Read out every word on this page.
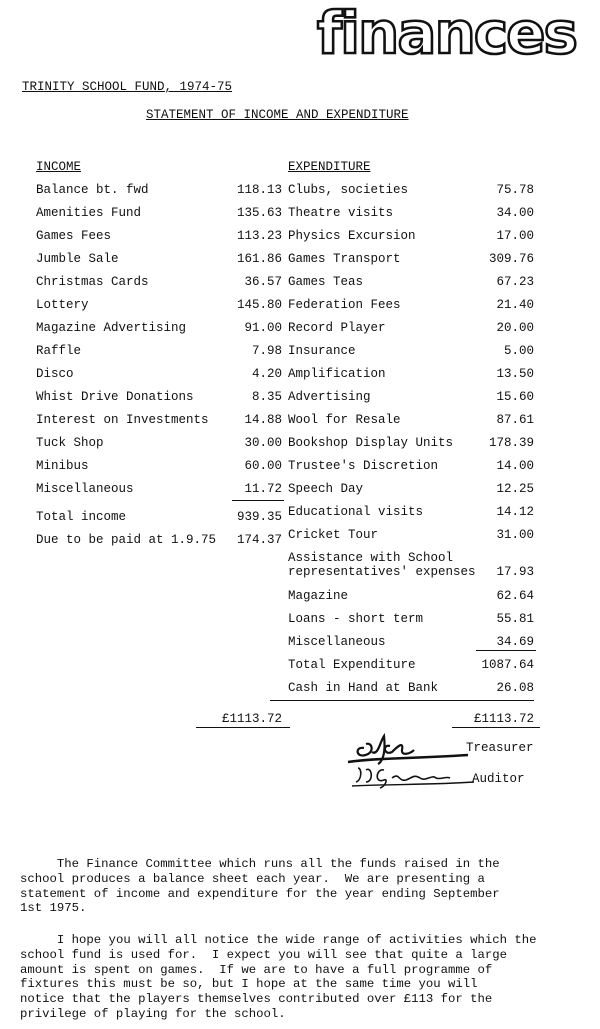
finances
TRINITY SCHOOL FUND, 1974-75
STATEMENT OF INCOME AND EXPENDITURE
INCOME
Balance bt. fwd	118.13
Amenities Fund	135.63
Games Fees	113.23
Jumble Sale	161.86
Christmas Cards	36.57
Lottery	145.80
Magazine Advertising	91.00
Raffle	7.98
Disco	4.20
Whist Drive Donations	8.35
Interest on Investments	14.88
Tuck Shop	30.00
Minibus	60.00
Miscellaneous	11.72
Total income	939.35
Due to be paid at 1.9.75	174.37
£1113.72
EXPENDITURE
Clubs, societies	75.78
Theatre visits	34.00
Physics Excursion	17.00
Games Transport	309.76
Games Teas	67.23
Federation Fees	21.40
Record Player	20.00
Insurance	5.00
Amplification	13.50
Advertising	15.60
Wool for Resale	87.61
Bookshop Display Units	178.39
Trustee's Discretion	14.00
Speech Day	12.25
Educational visits	14.12
Cricket Tour	31.00
Assistance with School
representatives' expenses	17.93
Magazine	62.64
Loans - short term	55.81
Miscellaneous	34.69
Total Expenditure	1087.64
Cash in Hand at Bank	26.08
£1113.72
Treasurer
Auditor

The Finance Committee which runs all the funds raised in the
school produces a balance sheet each year.  We are presenting a
statement of income and expenditure for the year ending September
1st 1975.

I hope you will all notice the wide range of activities which the
school fund is used for.  I expect you will see that quite a large
amount is spent on games.  If we are to have a full programme of
fixtures this must be so, but I hope at the same time you will
notice that the players themselves contributed over £113 for the
privilege of playing for the school.
